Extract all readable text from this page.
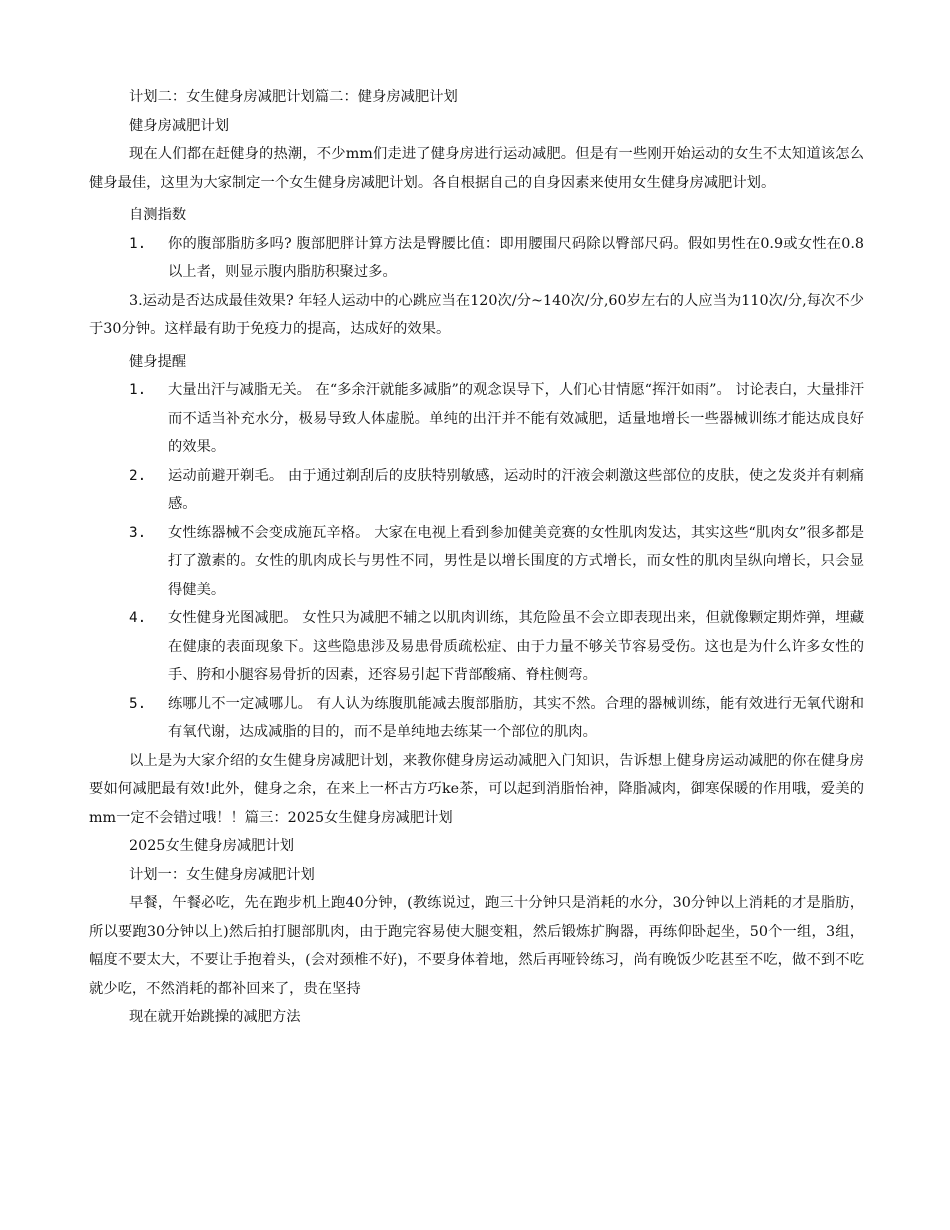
计划二：女生健身房减肥计划篇二：健身房减肥计划
健身房减肥计划
现在人们都在赶健身的热潮，不少mm们走进了健身房进行运动减肥。但是有一些刚开始运动的女生不太知道该怎么健身最佳，这里为大家制定一个女生健身房减肥计划。各自根据自己的自身因素来使用女生健身房减肥计划。
自测指数
1.	你的腹部脂肪多吗? 腹部肥胖计算方法是臀腰比值：即用腰围尺码除以臀部尺码。假如男性在0.9或女性在0.8以上者，则显示腹内脂肪积聚过多。
3.运动是否达成最佳效果? 年轻人运动中的心跳应当在120次/分~140次/分,60岁左右的人应当为110次/分,每次不少于30分钟。这样最有助于免疫力的提高，达成好的效果。
健身提醒
1.	大量出汗与减脂无关。 在“多余汗就能多减脂”的观念误导下，人们心甘情愿“挥汗如雨”。 讨论表白，大量排汗而不适当补充水分，极易导致人体虚脱。单纯的出汗并不能有效减肥，适量地增长一些器械训练才能达成良好的效果。
2.	运动前避开剃毛。 由于通过剃刮后的皮肤特别敏感，运动时的汗液会刺激这些部位的皮肤，使之发炎并有刺痛感。
3.	女性练器械不会变成施瓦辛格。 大家在电视上看到参加健美竞赛的女性肌肉发达，其实这些“肌肉女”很多都是打了激素的。女性的肌肉成长与男性不同，男性是以增长围度的方式增长，而女性的肌肉呈纵向增长，只会显得健美。
4.	女性健身光图减肥。 女性只为减肥不辅之以肌肉训练，其危险虽不会立即表现出来，但就像颗定期炸弹，埋藏在健康的表面现象下。这些隐患涉及易患骨质疏松症、由于力量不够关节容易受伤。这也是为什么许多女性的手、胯和小腿容易骨折的因素，还容易引起下背部酸痛、脊柱侧弯。
5.	练哪儿不一定减哪儿。 有人认为练腹肌能减去腹部脂肪，其实不然。合理的器械训练，能有效进行无氧代谢和有氧代谢，达成减脂的目的，而不是单纯地去练某一个部位的肌肉。
以上是为大家介绍的女生健身房减肥计划，来教你健身房运动减肥入门知识，告诉想上健身房运动减肥的你在健身房要如何减肥最有效!此外，健身之余，在来上一杯古方巧ke茶，可以起到消脂怡神，降脂减肉，御寒保暖的作用哦，爱美的mm一定不会错过哦！！篇三：2025女生健身房减肥计划
2025女生健身房减肥计划
计划一：女生健身房减肥计划
早餐，午餐必吃，先在跑步机上跑40分钟，(教练说过，跑三十分钟只是消耗的水分，30分钟以上消耗的才是脂肪，所以要跑30分钟以上)然后拍打腿部肌肉，由于跑完容易使大腿变粗，然后锻炼扩胸器，再练仰卧起坐，50个一组，3组，幅度不要太大，不要让手抱着头，(会对颈椎不好)，不要身体着地，然后再哑铃练习，尚有晚饭少吃甚至不吃，做不到不吃就少吃，不然消耗的都补回来了，贵在坚持
现在就开始跳操的减肥方法
